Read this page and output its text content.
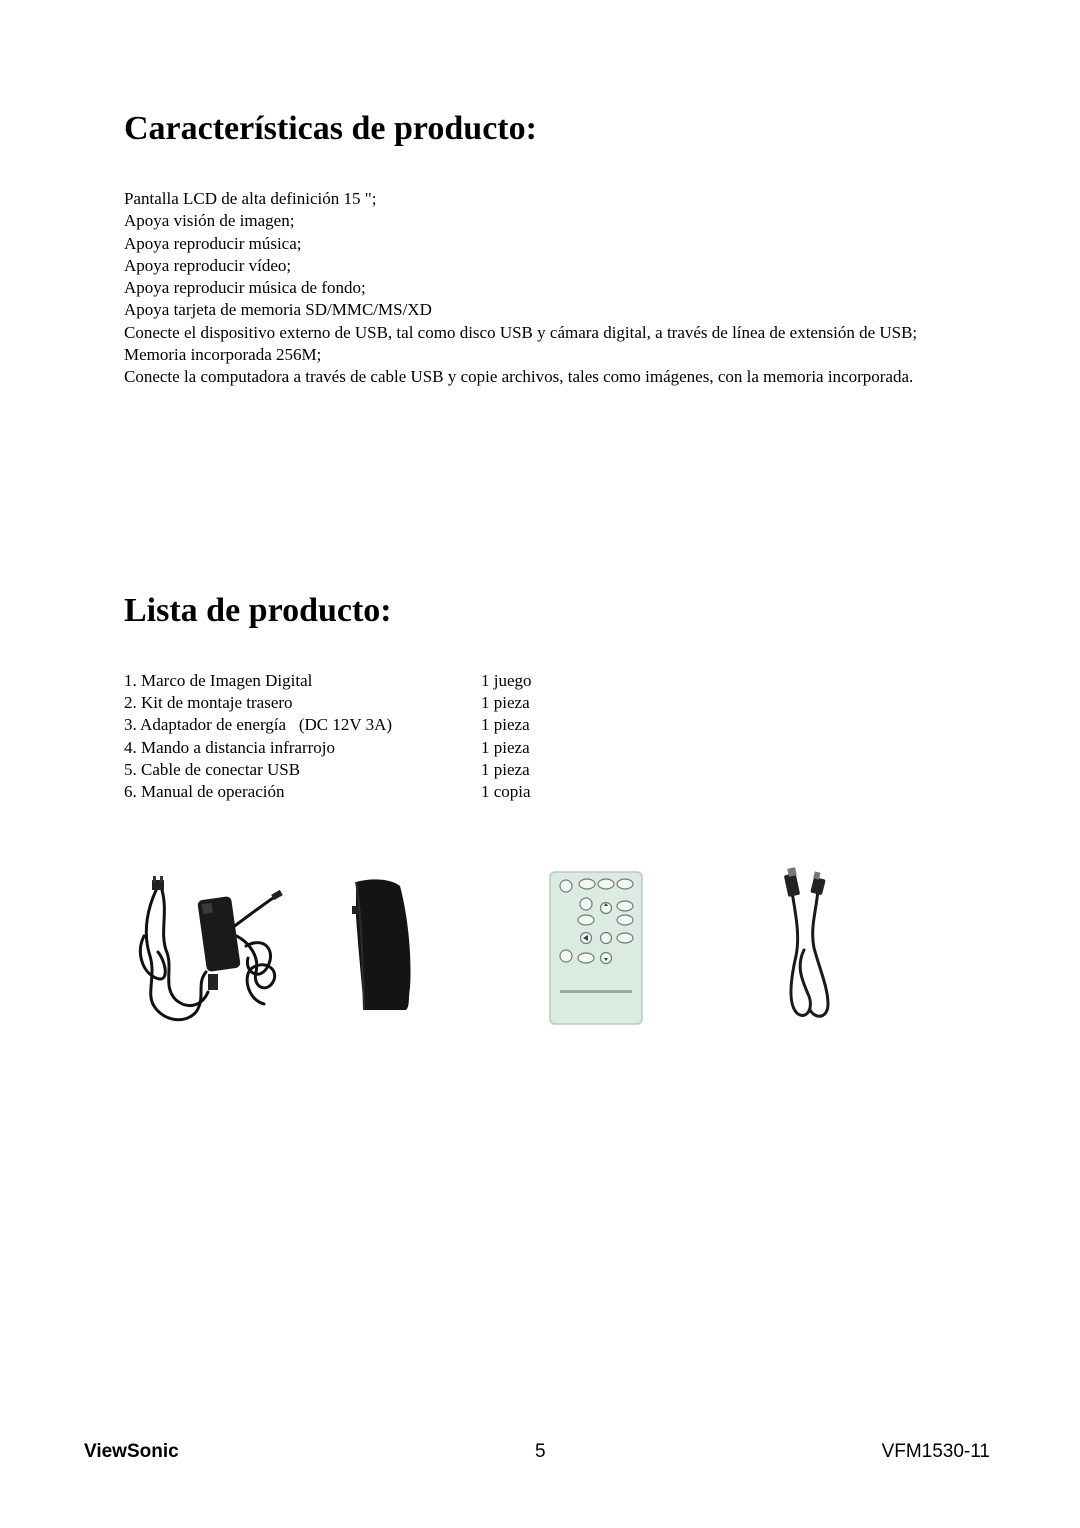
Características de producto:
Pantalla LCD de alta definición 15 ";
Apoya visión de imagen;
Apoya reproducir música;
Apoya reproducir vídeo;
Apoya reproducir música de fondo;
Apoya tarjeta de memoria SD/MMC/MS/XD
Conecte el dispositivo externo de USB, tal como disco USB y cámara digital, a través de línea de extensión de USB;
Memoria incorporada 256M;
Conecte la computadora a través de cable USB y copie archivos, tales como imágenes, con la memoria incorporada.
Lista de producto:
1. Marco de Imagen Digital	1 juego
2. Kit de montaje trasero	1 pieza
3. Adaptador de energía   (DC 12V 3A)	1 pieza
4. Mando a distancia infrarrojo	1 pieza
5. Cable de conectar USB	1 pieza
6. Manual de operación	1 copia
ViewSonic	5	VFM1530-11
